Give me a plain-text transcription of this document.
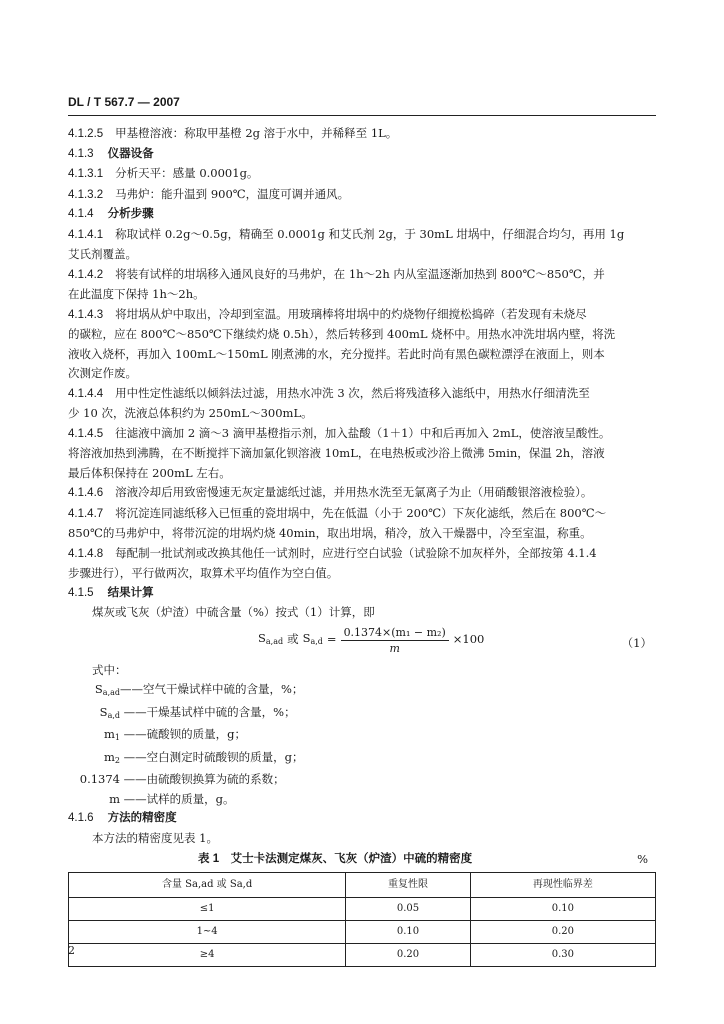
DL / T 567.7 — 2007
4.1.2.5 甲基橙溶液：称取甲基橙 2g 溶于水中，并稀释至 1L。
4.1.3 仪器设备
4.1.3.1 分析天平：感量 0.0001g。
4.1.3.2 马弗炉：能升温到 900℃，温度可调并通风。
4.1.4 分析步骤
4.1.4.1 称取试样 0.2g～0.5g，精确至 0.0001g 和艾氏剂 2g，于 30mL 坩埚中，仔细混合均匀，再用 1g
艾氏剂覆盖。
4.1.4.2 将装有试样的坩埚移入通风良好的马弗炉，在 1h～2h 内从室温逐渐加热到 800℃～850℃，并
在此温度下保持 1h～2h。
4.1.4.3 将坩埚从炉中取出，冷却到室温。用玻璃棒将坩埚中的灼烧物仔细搅松捣碎（若发现有未烧尽
的碳粒，应在 800℃～850℃下继续灼烧 0.5h），然后转移到 400mL 烧杯中。用热水冲洗坩埚内壁，将洗
液收入烧杯，再加入 100mL～150mL 刚煮沸的水，充分搅拌。若此时尚有黑色碳粒漂浮在液面上，则本
次测定作废。
4.1.4.4 用中性定性滤纸以倾斜法过滤，用热水冲洗 3 次，然后将残渣移入滤纸中，用热水仔细清洗至
少 10 次，洗液总体积约为 250mL～300mL。
4.1.4.5 往滤液中滴加 2 滴～3 滴甲基橙指示剂，加入盐酸（1＋1）中和后再加入 2mL，使溶液呈酸性。
将溶液加热到沸腾，在不断搅拌下滴加氯化钡溶液 10mL，在电热板或沙浴上微沸 5min，保温 2h，溶液
最后体积保持在 200mL 左右。
4.1.4.6 溶液冷却后用致密慢速无灰定量滤纸过滤，并用热水洗至无氯离子为止（用硝酸银溶液检验）。
4.1.4.7 将沉淀连同滤纸移入已恒重的瓷坩埚中，先在低温（小于 200℃）下灰化滤纸，然后在 800℃～
850℃的马弗炉中，将带沉淀的坩埚灼烧 40min，取出坩埚，稍冷，放入干燥器中，冷至室温，称重。
4.1.4.8 每配制一批试剂或改换其他任一试剂时，应进行空白试验（试验除不加灰样外，全部按第 4.1.4
步骤进行），平行做两次，取算术平均值作为空白值。
4.1.5 结果计算
煤灰或飞灰（炉渣）中硫含量（%）按式（1）计算，即
$S_{a,ad}$ 或 $S_{a,d} = \frac{\text{0.1374×(m₁ − m₂)}}{m} \times 100$	（1）
式中：
$S_{a,ad}——$空气干燥试样中硫的含量，%；
$S_{a,d}$ ——干燥基试样中硫的含量，%；
$m_1$ ——硫酸钡的质量，g；
$m_2$ ——空白测定时硫酸钡的质量，g；
0.1374 ——由硫酸钡换算为硫的系数；
m ——试样的质量，g。
4.1.6 方法的精密度
本方法的精密度见表 1。
表 1　艾士卡法测定煤灰、飞灰（炉渣）中硫的精密度	%
含量 Sa,ad 或 Sa,d	重复性限	再现性临界差
≤1	0.05	0.10
1~4	0.10	0.20
≥4	0.20	0.30
2
